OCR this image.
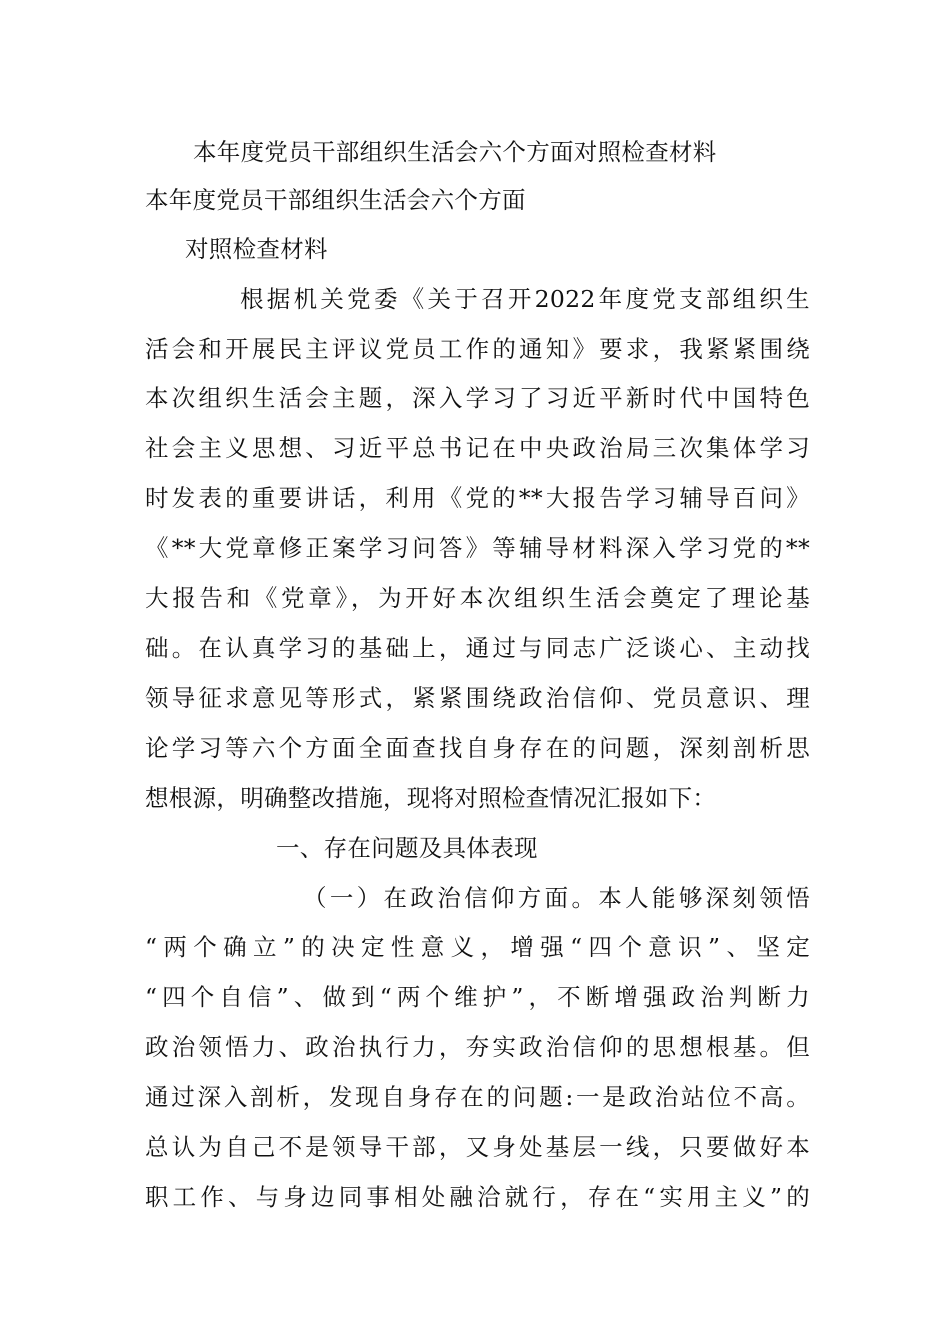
本年度党员干部组织生活会六个方面对照检查材料
本年度党员干部组织生活会六个方面
对照检查材料
根据机关党委《关于召开2022年度党支部组织生
活会和开展民主评议党员工作的通知》要求，我紧紧围绕
本次组织生活会主题，深入学习了习近平新时代中国特色
社会主义思想、习近平总书记在中央政治局三次集体学习
时发表的重要讲话，利用《党的**大报告学习辅导百问》
《**大党章修正案学习问答》等辅导材料深入学习党的**
大报告和《党章》，为开好本次组织生活会奠定了理论基
础。在认真学习的基础上，通过与同志广泛谈心、主动找
领导征求意见等形式，紧紧围绕政治信仰、党员意识、理
论学习等六个方面全面查找自身存在的问题，深刻剖析思
想根源，明确整改措施，现将对照检查情况汇报如下：
一、存在问题及具体表现
（一）在政治信仰方面。本人能够深刻领悟
“两个确立”的决定性意义，增强“四个意识”、坚定
“四个自信”、做到“两个维护”，不断增强政治判断力
政治领悟力、政治执行力，夯实政治信仰的思想根基。但
通过深入剖析，发现自身存在的问题:一是政治站位不高。
总认为自己不是领导干部，又身处基层一线，只要做好本
职工作、与身边同事相处融洽就行，存在“实用主义”的
